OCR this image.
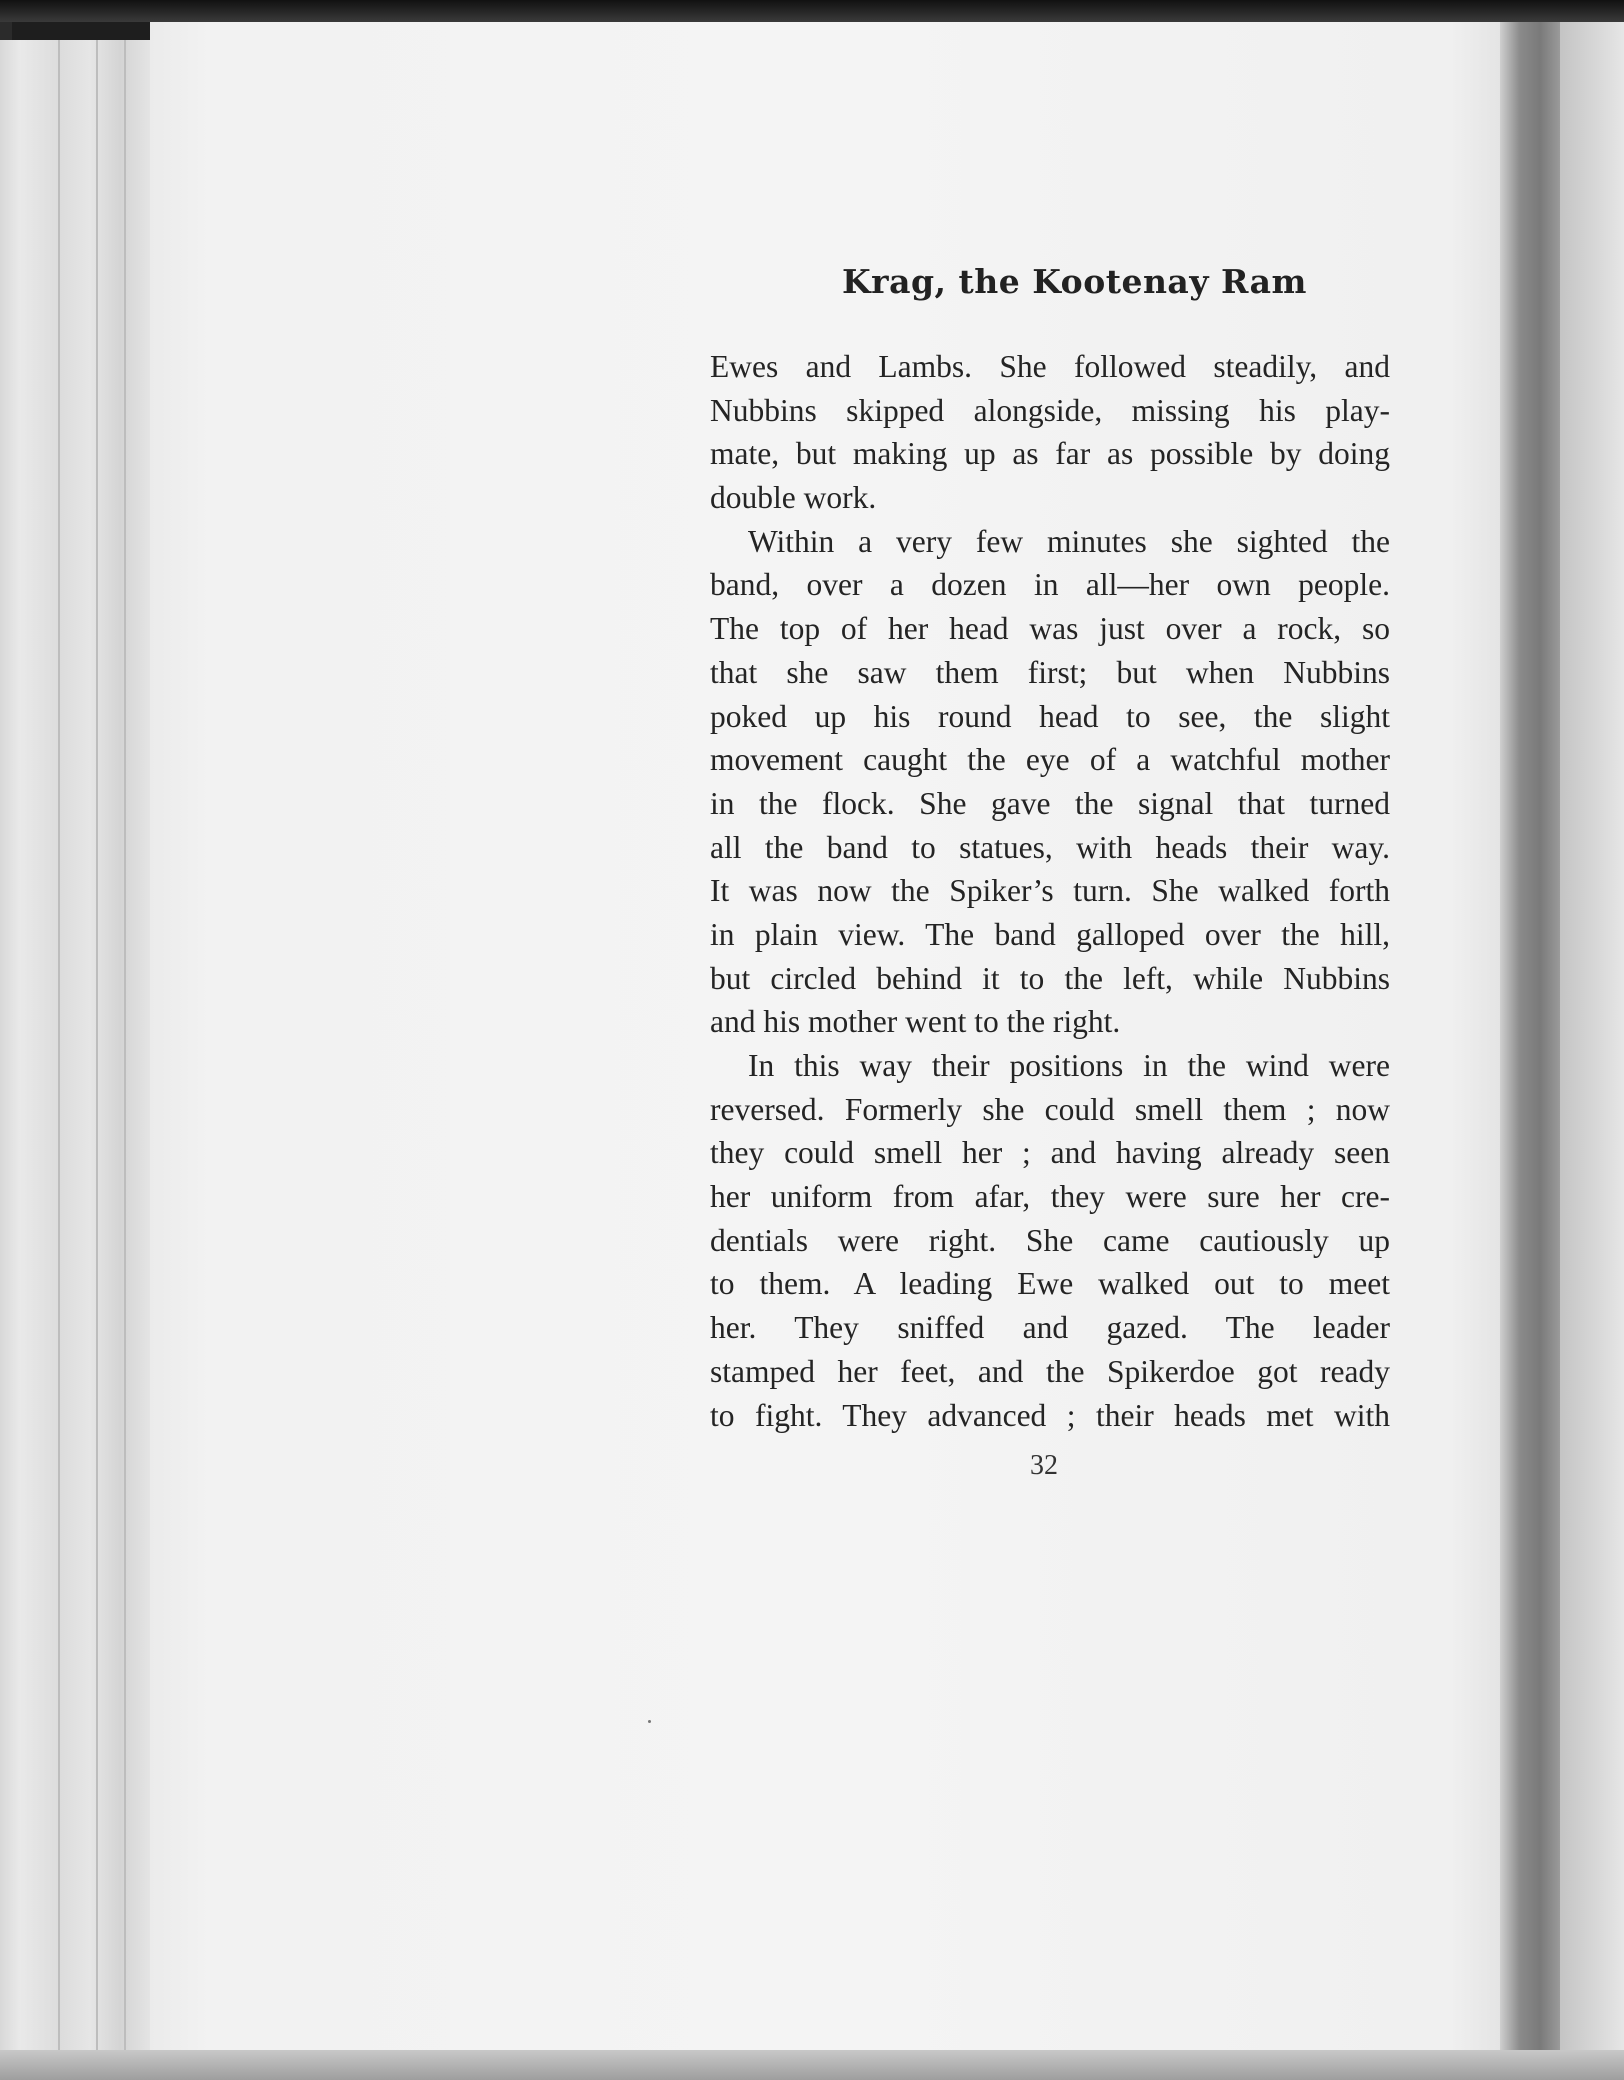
Krag, the Kootenay Ram
Ewes and Lambs. She followed steadily, and
Nubbins skipped alongside, missing his play-
mate, but making up as far as possible by doing
double work.
Within a very few minutes she sighted the
band, over a dozen in all—her own people.
The top of her head was just over a rock, so
that she saw them first; but when Nubbins
poked up his round head to see, the slight
movement caught the eye of a watchful mother
in the flock. She gave the signal that turned
all the band to statues, with heads their way.
It was now the Spiker’s turn. She walked forth
in plain view. The band galloped over the hill,
but circled behind it to the left, while Nubbins
and his mother went to the right.
In this way their positions in the wind were
reversed. Formerly she could smell them ; now
they could smell her ; and having already seen
her uniform from afar, they were sure her cre-
dentials were right. She came cautiously up
to them. A leading Ewe walked out to meet
her. They sniffed and gazed. The leader
stamped her feet, and the Spikerdoe got ready
to fight. They advanced ; their heads met with
32
